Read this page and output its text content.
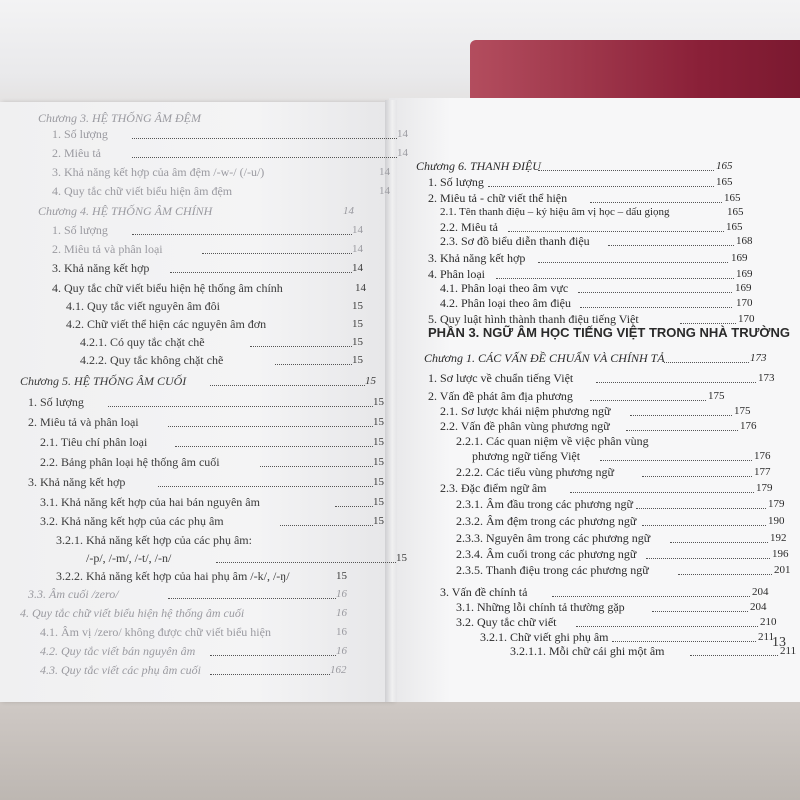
Chương 3. HỆ THỐNG ÂM ĐỆM
1. Số lượng	14
2. Miêu tả	14
3. Khả năng kết hợp của âm đệm /-w-/ (/-u/)	14
4. Quy tắc chữ viết biểu hiện âm đệm	14
Chương 4. HỆ THỐNG ÂM CHÍNH	14
1. Số lượng	14
2. Miêu tả và phân loại	14
3. Khả năng kết hợp	14
4. Quy tắc chữ viết biểu hiện hệ thống âm chính	14
4.1. Quy tắc viết nguyên âm đôi	15
4.2. Chữ viết thể hiện các nguyên âm đơn	15
4.2.1. Có quy tắc chặt chẽ	15
4.2.2. Quy tắc không chặt chẽ	15
Chương 5. HỆ THỐNG ÂM CUỐI	15
1. Số lượng	15
2. Miêu tả và phân loại	15
2.1. Tiêu chí phân loại	15
2.2. Bảng phân loại hệ thống âm cuối	15
3. Khả năng kết hợp	15
3.1. Khả năng kết hợp của hai bán nguyên âm	15
3.2. Khả năng kết hợp của các phụ âm	15
3.2.1. Khả năng kết hợp của các phụ âm:
/-p/, /-m/, /-t/, /-n/	15
3.2.2. Khả năng kết hợp của hai phụ âm /-k/, /-ŋ/	15
3.3. Âm cuối /zero/	16
4. Quy tắc chữ viết biểu hiện hệ thống âm cuối	16
4.1. Âm vị /zero/ không được chữ viết biểu hiện	16
4.2. Quy tắc viết bán nguyên âm	16
4.3. Quy tắc viết các phụ âm cuối	162
Chương 6. THANH ĐIỆU	165
1. Số lượng	165
2. Miêu tả - chữ viết thể hiện	165
2.1. Tên thanh điệu – ký hiệu âm vị học – dấu giọng	165
2.2. Miêu tả	165
2.3. Sơ đồ biểu diễn thanh điệu	168
3. Khả năng kết hợp	169
4. Phân loại	169
4.1. Phân loại theo âm vực	169
4.2. Phân loại theo âm điệu	170
5. Quy luật hình thành thanh điệu tiếng Việt	170
PHẦN 3. NGỮ ÂM HỌC TIẾNG VIỆT TRONG NHÀ TRƯỜNG
Chương 1. CÁC VẤN ĐỀ CHUẨN VÀ CHÍNH TẢ	173
1. Sơ lược về chuẩn tiếng Việt	173
2. Vấn đề phát âm địa phương	175
2.1. Sơ lược khái niệm phương ngữ	175
2.2. Vấn đề phân vùng phương ngữ	176
2.2.1. Các quan niệm về việc phân vùng
phương ngữ tiếng Việt	176
2.2.2. Các tiểu vùng phương ngữ	177
2.3. Đặc điểm ngữ âm	179
2.3.1. Âm đầu trong các phương ngữ	179
2.3.2. Âm đệm trong các phương ngữ	190
2.3.3. Nguyên âm trong các phương ngữ	192
2.3.4. Âm cuối trong các phương ngữ	196
2.3.5. Thanh điệu trong các phương ngữ	201
3. Vấn đề chính tả	204
3.1. Những lỗi chính tả thường gặp	204
3.2. Quy tắc chữ viết	210
3.2.1. Chữ viết ghi phụ âm	211
3.2.1.1. Mỗi chữ cái ghi một âm	211
13
